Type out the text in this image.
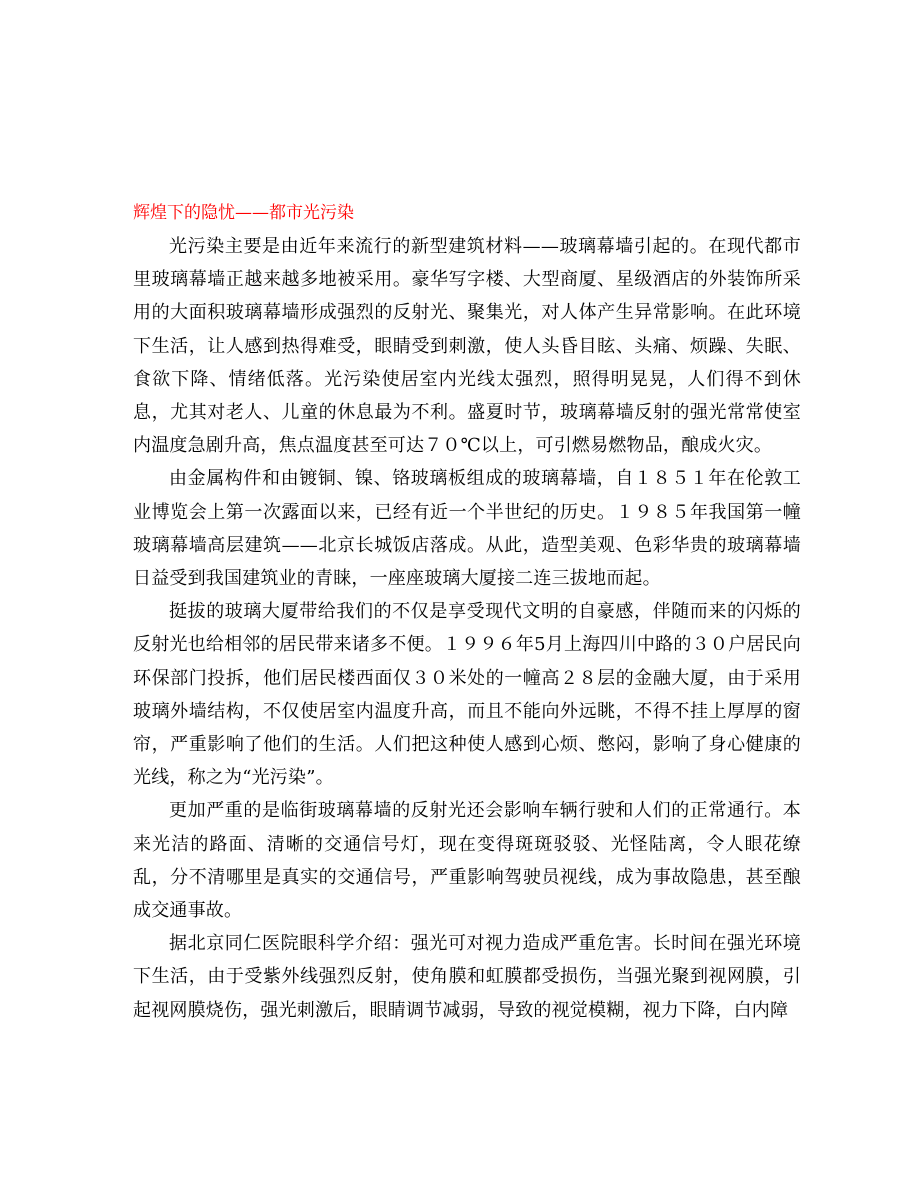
辉煌下的隐忧——都市光污染

光污染主要是由近年来流行的新型建筑材料——玻璃幕墙引起的。在现代都市里玻璃幕墙正越来越多地被采用。豪华写字楼、大型商厦、星级酒店的外装饰所采用的大面积玻璃幕墙形成强烈的反射光、聚集光，对人体产生异常影响。在此环境下生活，让人感到热得难受，眼睛受到刺激，使人头昏目眩、头痛、烦躁、失眠、食欲下降、情绪低落。光污染使居室内光线太强烈，照得明晃晃，人们得不到休息，尤其对老人、儿童的休息最为不利。盛夏时节，玻璃幕墙反射的强光常常使室内温度急剧升高，焦点温度甚至可达７０℃以上，可引燃易燃物品，酿成火灾。

由金属构件和由镀铜、镍、铬玻璃板组成的玻璃幕墙，自１８５１年在伦敦工业博览会上第一次露面以来，已经有近一个半世纪的历史。１９８５年我国第一幢玻璃幕墙高层建筑——北京长城饭店落成。从此，造型美观、色彩华贵的玻璃幕墙日益受到我国建筑业的青睐，一座座玻璃大厦接二连三拔地而起。

挺拔的玻璃大厦带给我们的不仅是享受现代文明的自豪感，伴随而来的闪烁的反射光也给相邻的居民带来诸多不便。１９９６年5月上海四川中路的３０户居民向环保部门投拆，他们居民楼西面仅３０米处的一幢高２８层的金融大厦，由于采用玻璃外墙结构，不仅使居室内温度升高，而且不能向外远眺，不得不挂上厚厚的窗帘，严重影响了他们的生活。人们把这种使人感到心烦、憋闷，影响了身心健康的光线，称之为“光污染”。

更加严重的是临街玻璃幕墙的反射光还会影响车辆行驶和人们的正常通行。本来光洁的路面、清晰的交通信号灯，现在变得斑斑驳驳、光怪陆离，令人眼花缭乱，分不清哪里是真实的交通信号，严重影响驾驶员视线，成为事故隐患，甚至酿成交通事故。

据北京同仁医院眼科学介绍：强光可对视力造成严重危害。长时间在强光环境下生活，由于受紫外线强烈反射，使角膜和虹膜都受损伤，当强光聚到视网膜，引起视网膜烧伤，强光刺激后，眼睛调节减弱，导致的视觉模糊，视力下降，白内障
